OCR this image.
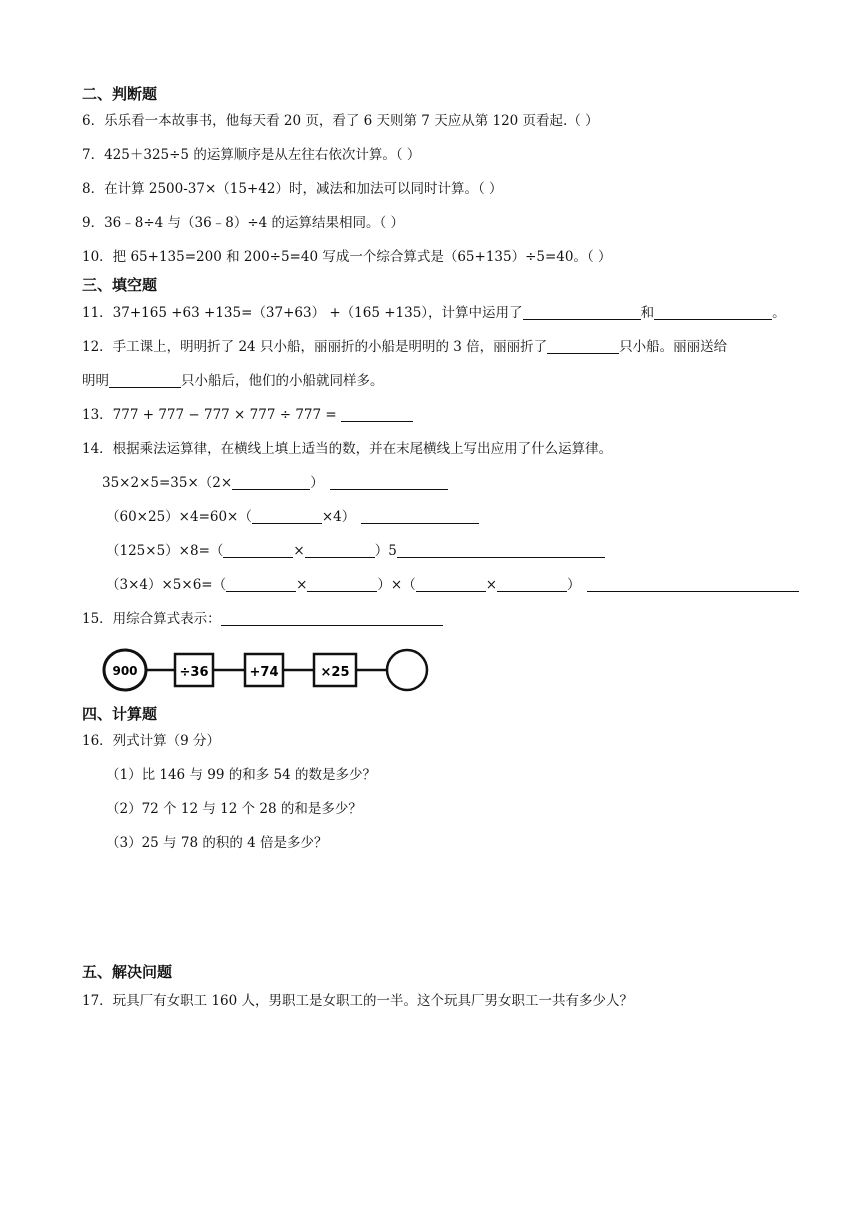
二、判断题
6．乐乐看一本故事书，他每天看 20 页，看了 6 天则第 7 天应从第 120 页看起.（ ）
7．425＋325÷5 的运算顺序是从左往右依次计算。（ ）
8．在计算 2500-37×（15+42）时，减法和加法可以同时计算。（ ）
9．36﹣8÷4 与（36﹣8）÷4 的运算结果相同。（ ）
10．把 65+135=200 和 200÷5=40 写成一个综合算式是（65+135）÷5=40。（ ）
三、填空题
11．37+165 +63 +135=（37+63） +（165 +135），计算中运用了	和	。
12．手工课上，明明折了 24 只小船，丽丽折的小船是明明的 3 倍，丽丽折了	只小船。丽丽送给
明明	只小船后，他们的小船就同样多。
13．777 + 777 − 777 × 777 ÷ 777 =
14．根据乘法运算律，在横线上填上适当的数，并在末尾横线上写出应用了什么运算律。
35×2×5=35×（2×	）
（60×25）×4=60×（	×4）
（125×5）×8=（	×	）5
（3×4）×5×6=（	×	）×（	×	）
15．用综合算式表示：
900	÷36	+74	×25
四、计算题
16．列式计算（9 分）
（1）比 146 与 99 的和多 54 的数是多少？
（2）72 个 12 与 12 个 28 的和是多少？
（3）25 与 78 的积的 4 倍是多少？
五、解决问题
17．玩具厂有女职工 160 人，男职工是女职工的一半。这个玩具厂男女职工一共有多少人？
